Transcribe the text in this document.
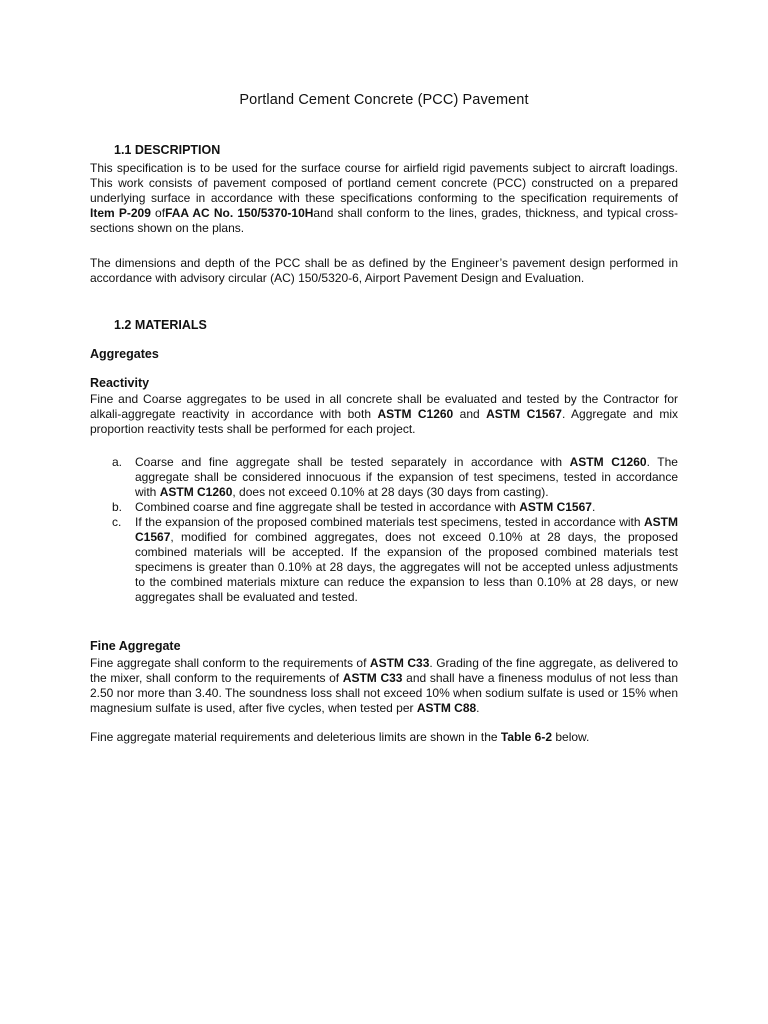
Portland Cement Concrete (PCC) Pavement
1.1 DESCRIPTION

This specification is to be used for the surface course for airfield rigid pavements subject to aircraft loadings. This work consists of pavement composed of portland cement concrete (PCC) constructed on a prepared underlying surface in accordance with these specifications conforming to the specification requirements of Item P-209 ofFAA AC No. 150/5370-10Hand shall conform to the lines, grades, thickness, and typical cross-sections shown on the plans.

The dimensions and depth of the PCC shall be as defined by the Engineer’s pavement design performed in accordance with advisory circular (AC) 150/5320-6, Airport Pavement Design and Evaluation.

1.2 MATERIALS
Aggregates
Reactivity

Fine and Coarse aggregates to be used in all concrete shall be evaluated and tested by the Contractor for alkali-aggregate reactivity in accordance with both ASTM C1260 and ASTM C1567. Aggregate and mix proportion reactivity tests shall be performed for each project.

a. Coarse and fine aggregate shall be tested separately in accordance with ASTM C1260. The aggregate shall be considered innocuous if the expansion of test specimens, tested in accordance with ASTM C1260, does not exceed 0.10% at 28 days (30 days from casting).
b. Combined coarse and fine aggregate shall be tested in accordance with ASTM C1567.
c. If the expansion of the proposed combined materials test specimens, tested in accordance with ASTM C1567, modified for combined aggregates, does not exceed 0.10% at 28 days, the proposed combined materials will be accepted. If the expansion of the proposed combined materials test specimens is greater than 0.10% at 28 days, the aggregates will not be accepted unless adjustments to the combined materials mixture can reduce the expansion to less than 0.10% at 28 days, or new aggregates shall be evaluated and tested.
Fine Aggregate

Fine aggregate shall conform to the requirements of ASTM C33. Grading of the fine aggregate, as delivered to the mixer, shall conform to the requirements of ASTM C33 and shall have a fineness modulus of not less than 2.50 nor more than 3.40. The soundness loss shall not exceed 10% when sodium sulfate is used or 15% when magnesium sulfate is used, after five cycles, when tested per ASTM C88.

Fine aggregate material requirements and deleterious limits are shown in the Table 6-2 below.
